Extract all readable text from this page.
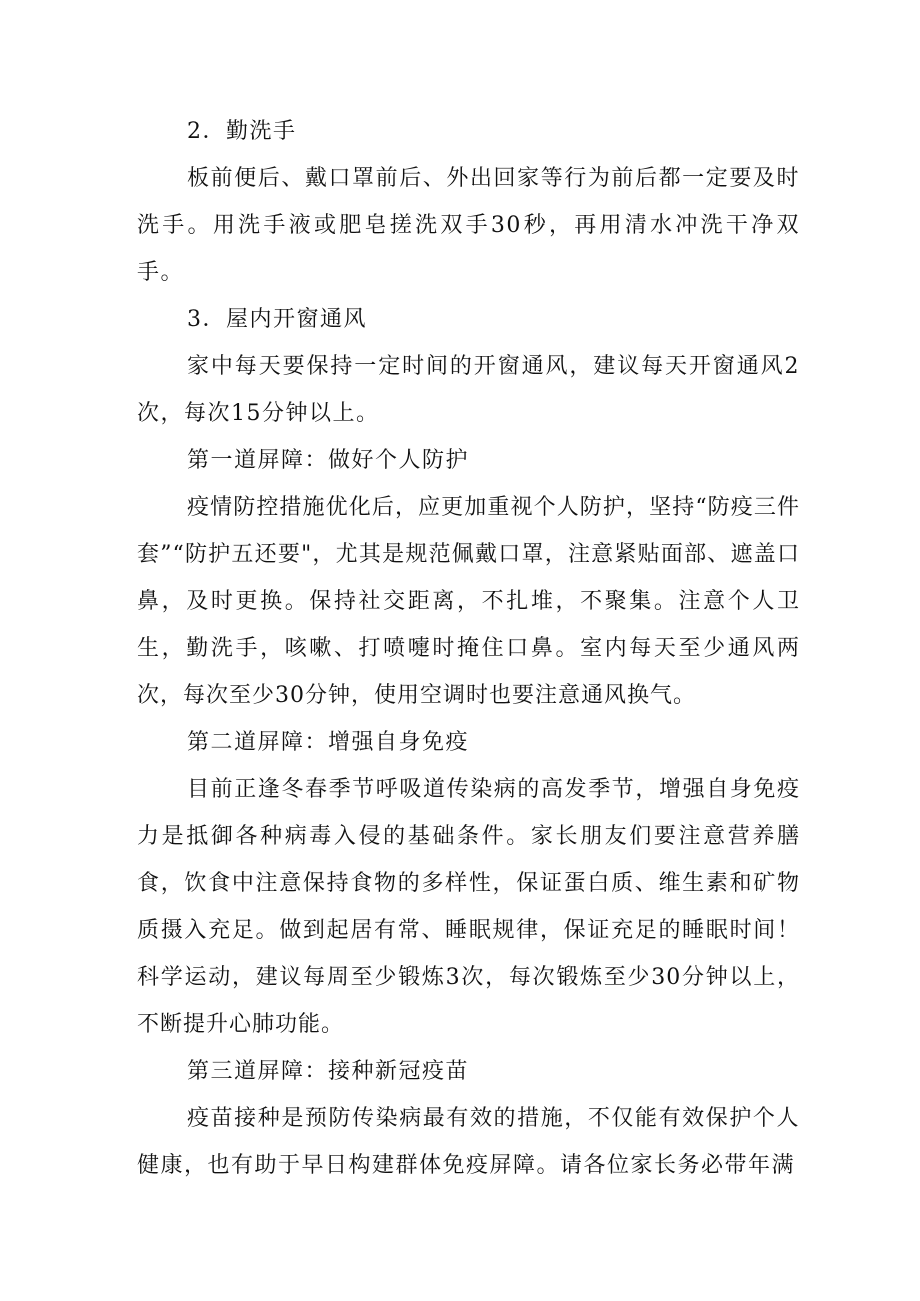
2．勤洗手

板前便后、戴口罩前后、外出回家等行为前后都一定要及时洗手。用洗手液或肥皂搓洗双手30秒，再用清水冲洗干净双手。

3．屋内开窗通风

家中每天要保持一定时间的开窗通风，建议每天开窗通风2次，每次15分钟以上。

第一道屏障：做好个人防护

疫情防控措施优化后，应更加重视个人防护，坚持“防疫三件套”“防护五还要"，尤其是规范佩戴口罩，注意紧贴面部、遮盖口鼻，及时更换。保持社交距离，不扎堆，不聚集。注意个人卫生，勤洗手，咳嗽、打喷嚏时掩住口鼻。室内每天至少通风两次，每次至少30分钟，使用空调时也要注意通风换气。

第二道屏障：增强自身免疫

目前正逢冬春季节呼吸道传染病的高发季节，增强自身免疫力是抵御各种病毒入侵的基础条件。家长朋友们要注意营养膳食，饮食中注意保持食物的多样性，保证蛋白质、维生素和矿物质摄入充足。做到起居有常、睡眠规律，保证充足的睡眠时间！科学运动，建议每周至少锻炼3次，每次锻炼至少30分钟以上，不断提升心肺功能。

第三道屏障：接种新冠疫苗

疫苗接种是预防传染病最有效的措施，不仅能有效保护个人健康，也有助于早日构建群体免疫屏障。请各位家长务必带年满
